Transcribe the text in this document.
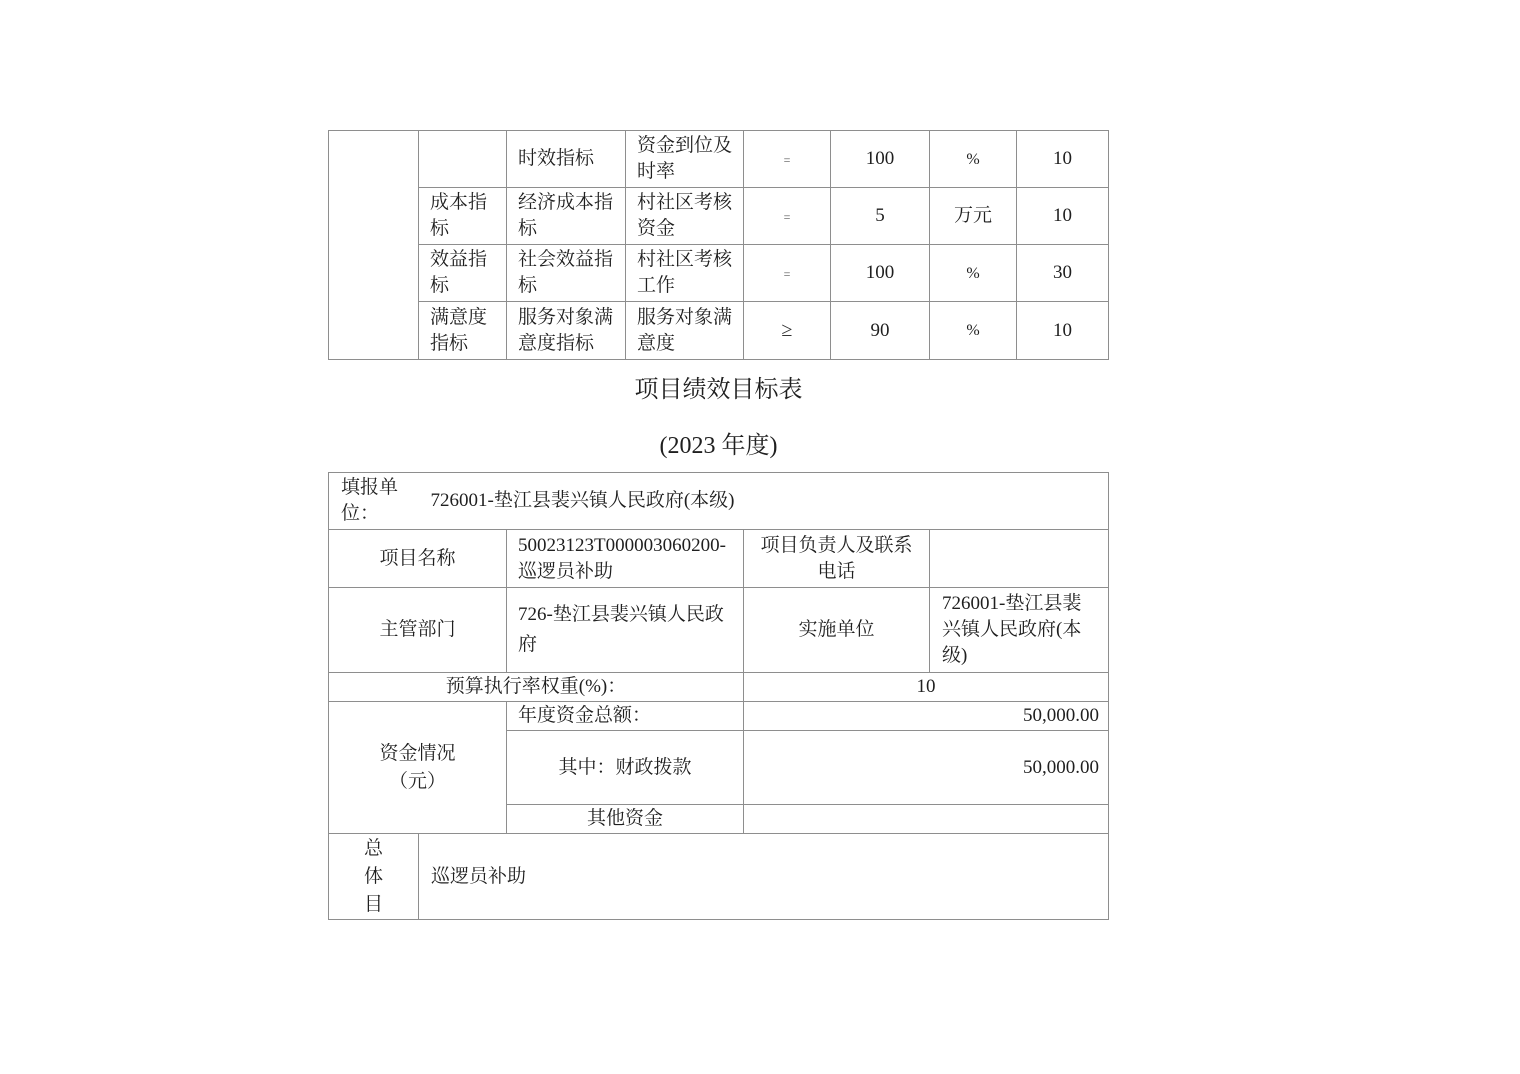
		时效指标	资金到位及时率	=	100	%	10

	成本指标	经济成本指标	村社区考核资金	=	5	万元	10

	效益指标	社会效益指标	村社区考核工作	=	100	%	30

	满意度指标	服务对象满意度指标	服务对象满意度	≥	90	%	10
项目绩效目标表
(2023 年度)
填报单位：	726001-垫江县裴兴镇人民政府(本级)			
项目名称		50023123T000003060200-巡逻员补助	项目负责人及联系电话	

主管部门		726-垫江县裴兴镇人民政府	实施单位	726001-垫江县裴兴镇人民政府(本级)
预算执行率权重(%)：			10	

资金情况（元）		年度资金总额：	50,000.00	
		其中：财政拨款	50,000.00	
		其他资金		

总体目	巡逻员补助			
